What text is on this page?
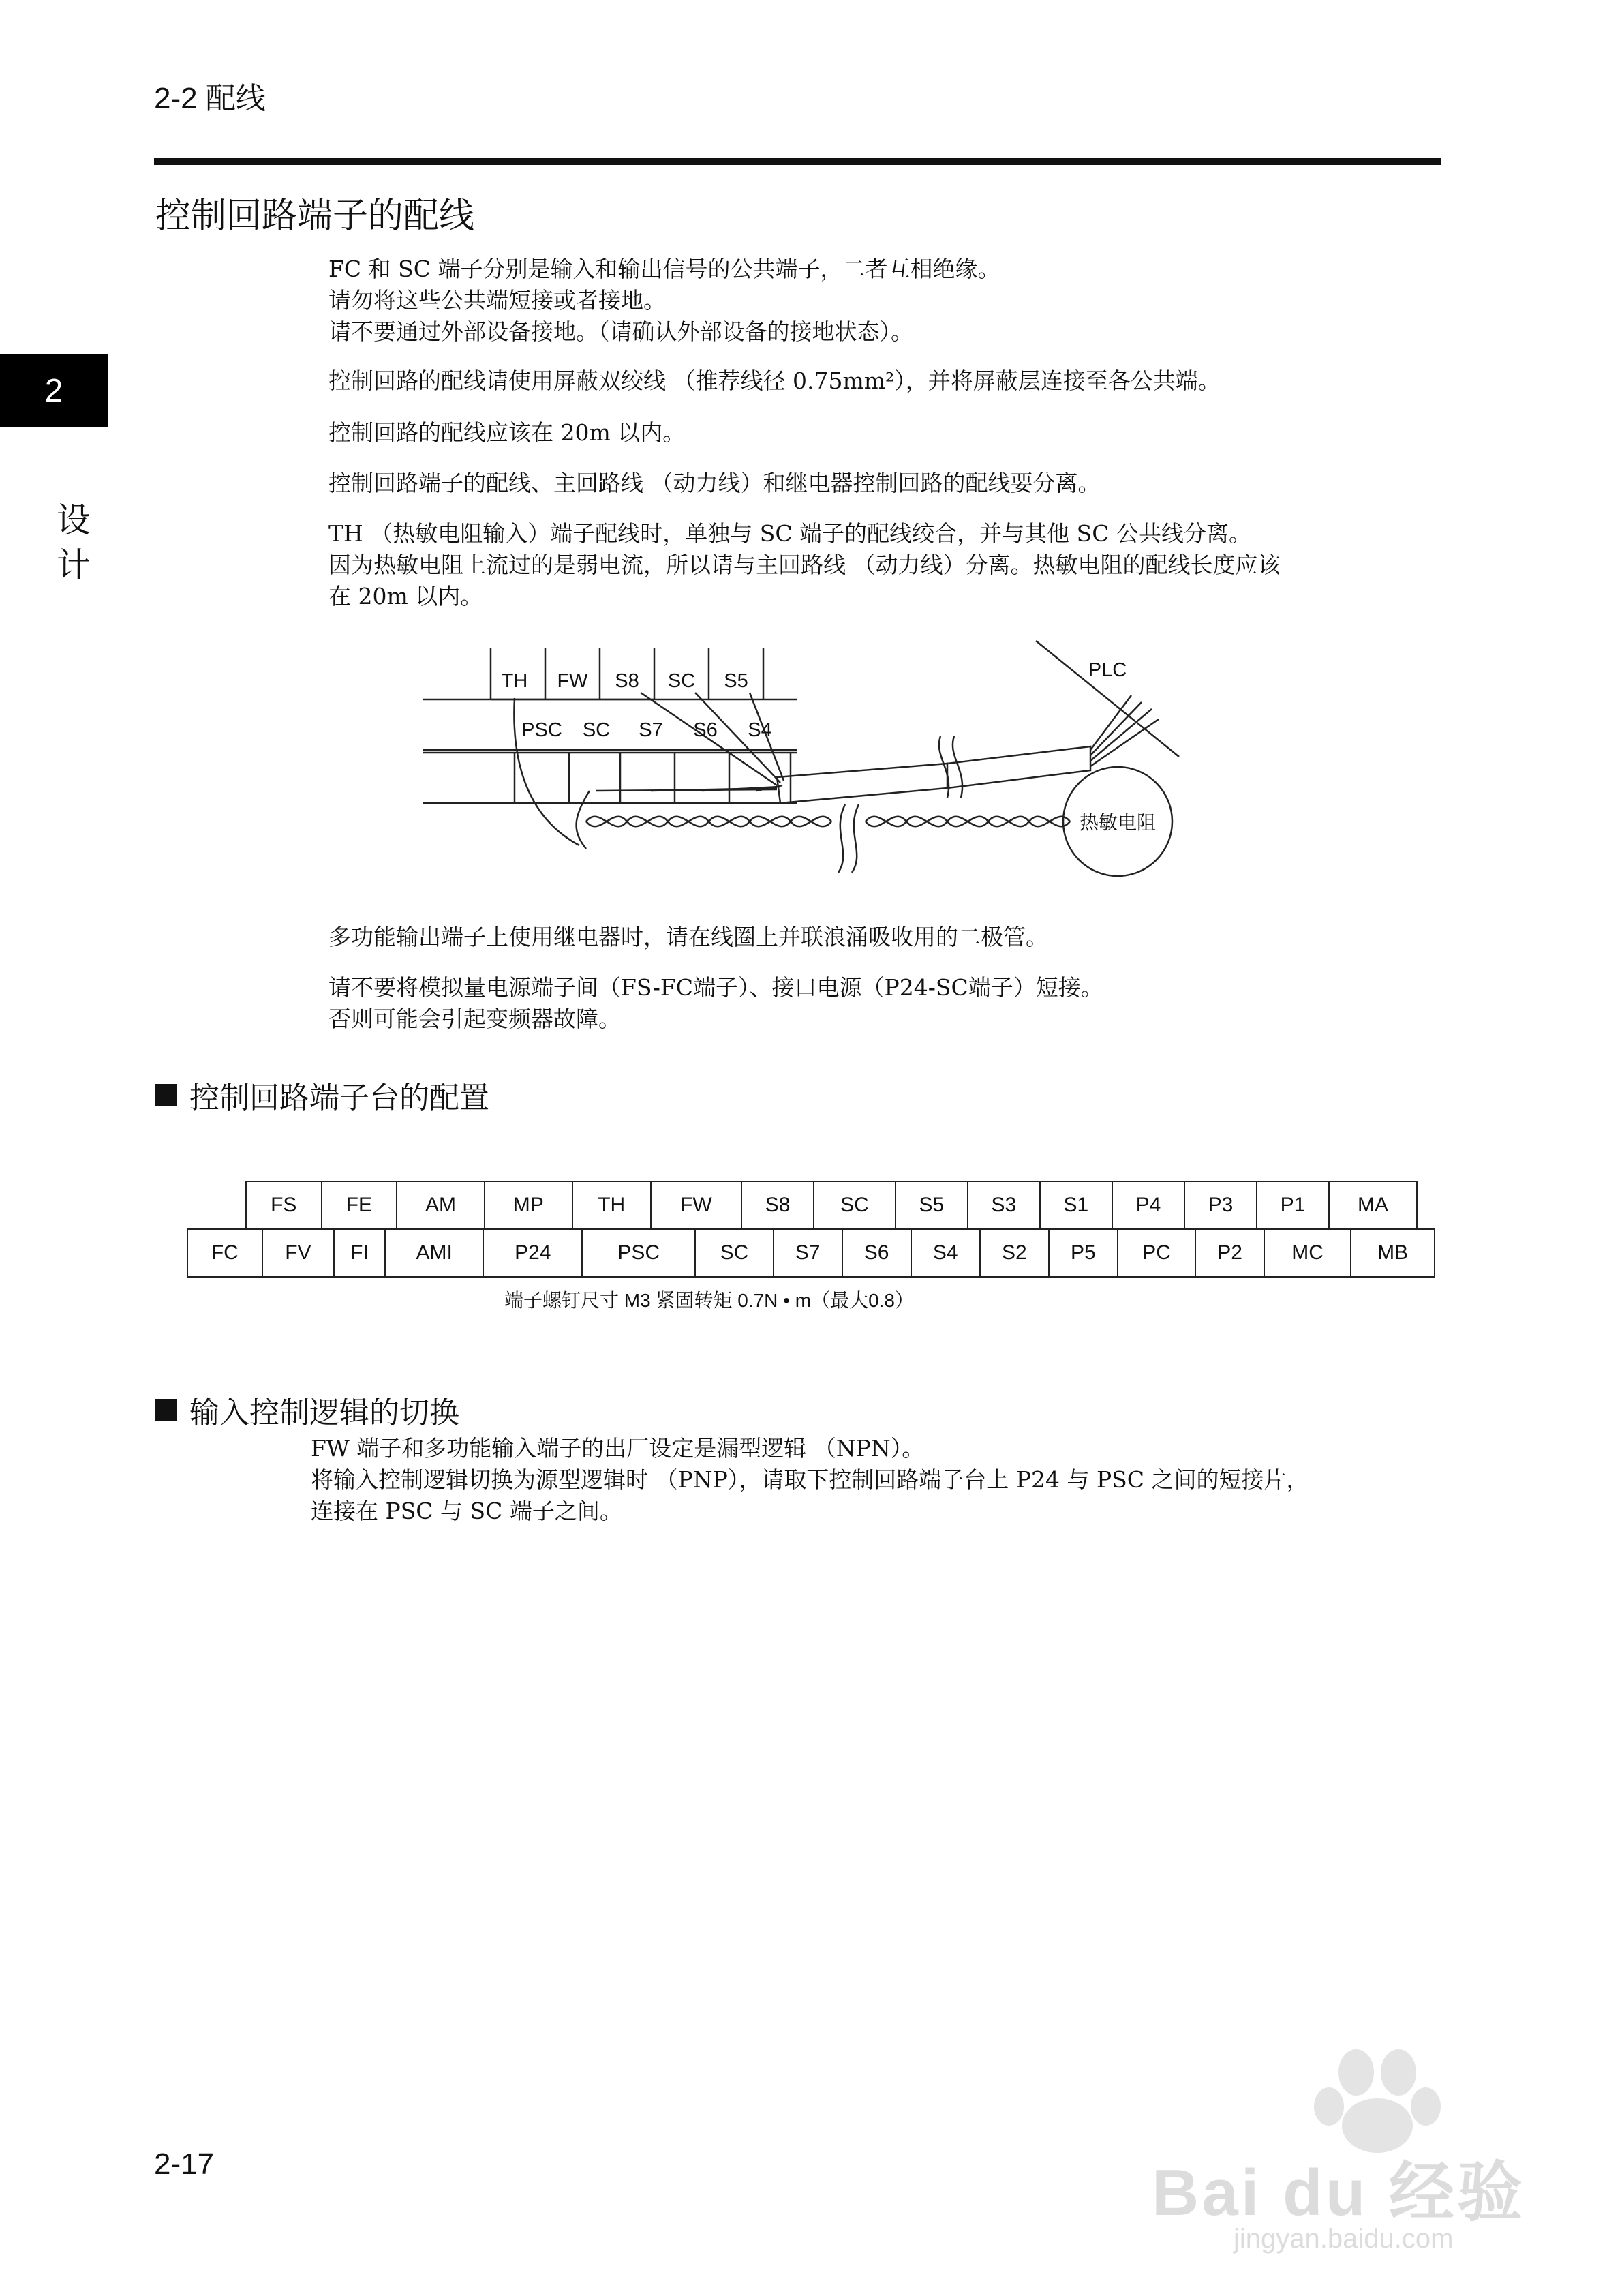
2-2 配线
2
设计
控制回路端子的配线

FC 和 SC 端子分别是输入和输出信号的公共端子，二者互相绝缘。

请勿将这些公共端短接或者接地。

请不要通过外部设备接地。（请确认外部设备的接地状态）。

控制回路的配线请使用屏蔽双绞线 （推荐线径 0.75mm²），并将屏蔽层连接至各公共端。

控制回路的配线应该在 20m 以内。

控制回路端子的配线、主回路线 （动力线）和继电器控制回路的配线要分离。

TH （热敏电阻输入）端子配线时，单独与 SC 端子的配线绞合，并与其他 SC 公共线分离。

因为热敏电阻上流过的是弱电流，所以请与主回路线 （动力线）分离。热敏电阻的配线长度应该

在 20m 以内。

TH FW S8 SC S5
PSC SC S7 S6 S4
PLC
热敏电阻

多功能输出端子上使用继电器时，请在线圈上并联浪涌吸收用的二极管。

请不要将模拟量电源端子间（FS-FC端子）、接口电源（P24-SC端子）短接。

否则可能会引起变频器故障。

控制回路端子台的配置
FS	FE	AM	MP	TH	FW	S8	SC	S5	S3	S1	P4	P3	P1	MA
FC	FV	FI	AMI	P24	PSC	SC	S7	S6	S4	S2	P5	PC	P2	MC	MB
端子螺钉尺寸 M3 紧固转矩 0.7N • m（最大0.8）
输入控制逻辑的切换

FW 端子和多功能输入端子的出厂设定是漏型逻辑 （NPN）。

将输入控制逻辑切换为源型逻辑时 （PNP），请取下控制回路端子台上 P24 与 PSC 之间的短接片，

连接在 PSC 与 SC 端子之间。

2-17	Bai du 经验
jingyan.baidu.com
